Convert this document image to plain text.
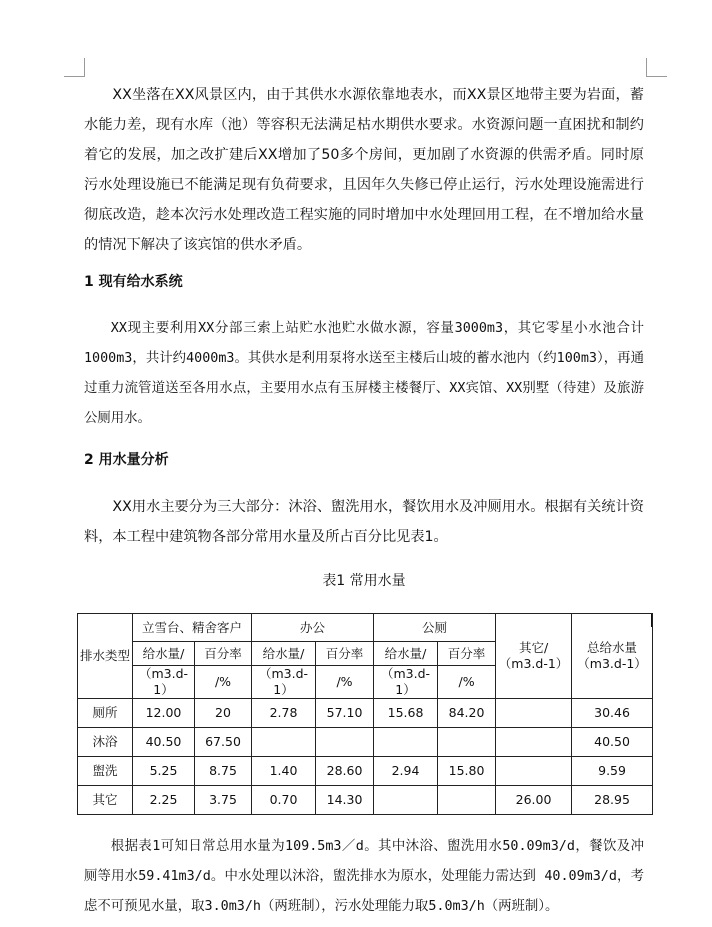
XX坐落在XX风景区内，由于其供水水源依靠地表水，而XX景区地带主要为岩面，蓄水能力差，现有水库（池）等容积无法满足枯水期供水要求。水资源问题一直困扰和制约着它的发展，加之改扩建后XX增加了50多个房间，更加剧了水资源的供需矛盾。同时原污水处理设施已不能满足现有负荷要求，且因年久失修已停止运行，污水处理设施需进行彻底改造，趁本次污水处理改造工程实施的同时增加中水处理回用工程，在不增加给水量的情况下解决了该宾馆的供水矛盾。

1 现有给水系统

XX现主要利用XX分部三索上站贮水池贮水做水源，容量3000m3，其它零星小水池合计1000m3，共计约4000m3。其供水是利用泵将水送至主楼后山坡的蓄水池内（约100m3），再通过重力流管道送至各用水点，主要用水点有玉屏楼主楼餐厅、XX宾馆、XX别墅（待建）及旅游公厕用水。

2 用水量分析

XX用水主要分为三大部分：沐浴、盥洗用水，餐饮用水及冲厕用水。根据有关统计资料，本工程中建筑物各部分常用水量及所占百分比见表1。

表1 常用水量

排水类型	立雪台、精舍客户		办公		公厕		其它/（m3.d-1）	总给水量（m3.d-1）
	给水量/	百分率	给水量/	百分率	给水量/	百分率		
	（m3.d-1）	/%	（m3.d-1）	/%	（m3.d-1）	/%		
厕所	12.00	20	2.78	57.10	15.68	84.20		30.46
沐浴	40.50	67.50						40.50
盥洗	5.25	8.75	1.40	28.60	2.94	15.80		9.59
其它	2.25	3.75	0.70	14.30			26.00	28.95

根据表1可知日常总用水量为109.5m3／d。其中沐浴、盥洗用水50.09m3/d，餐饮及冲厕等用水59.41m3/d。中水处理以沐浴，盥洗排水为原水，处理能力需达到 40.09m3/d，考虑不可预见水量，取3.0m3/h（两班制），污水处理能力取5.0m3/h（两班制）。
